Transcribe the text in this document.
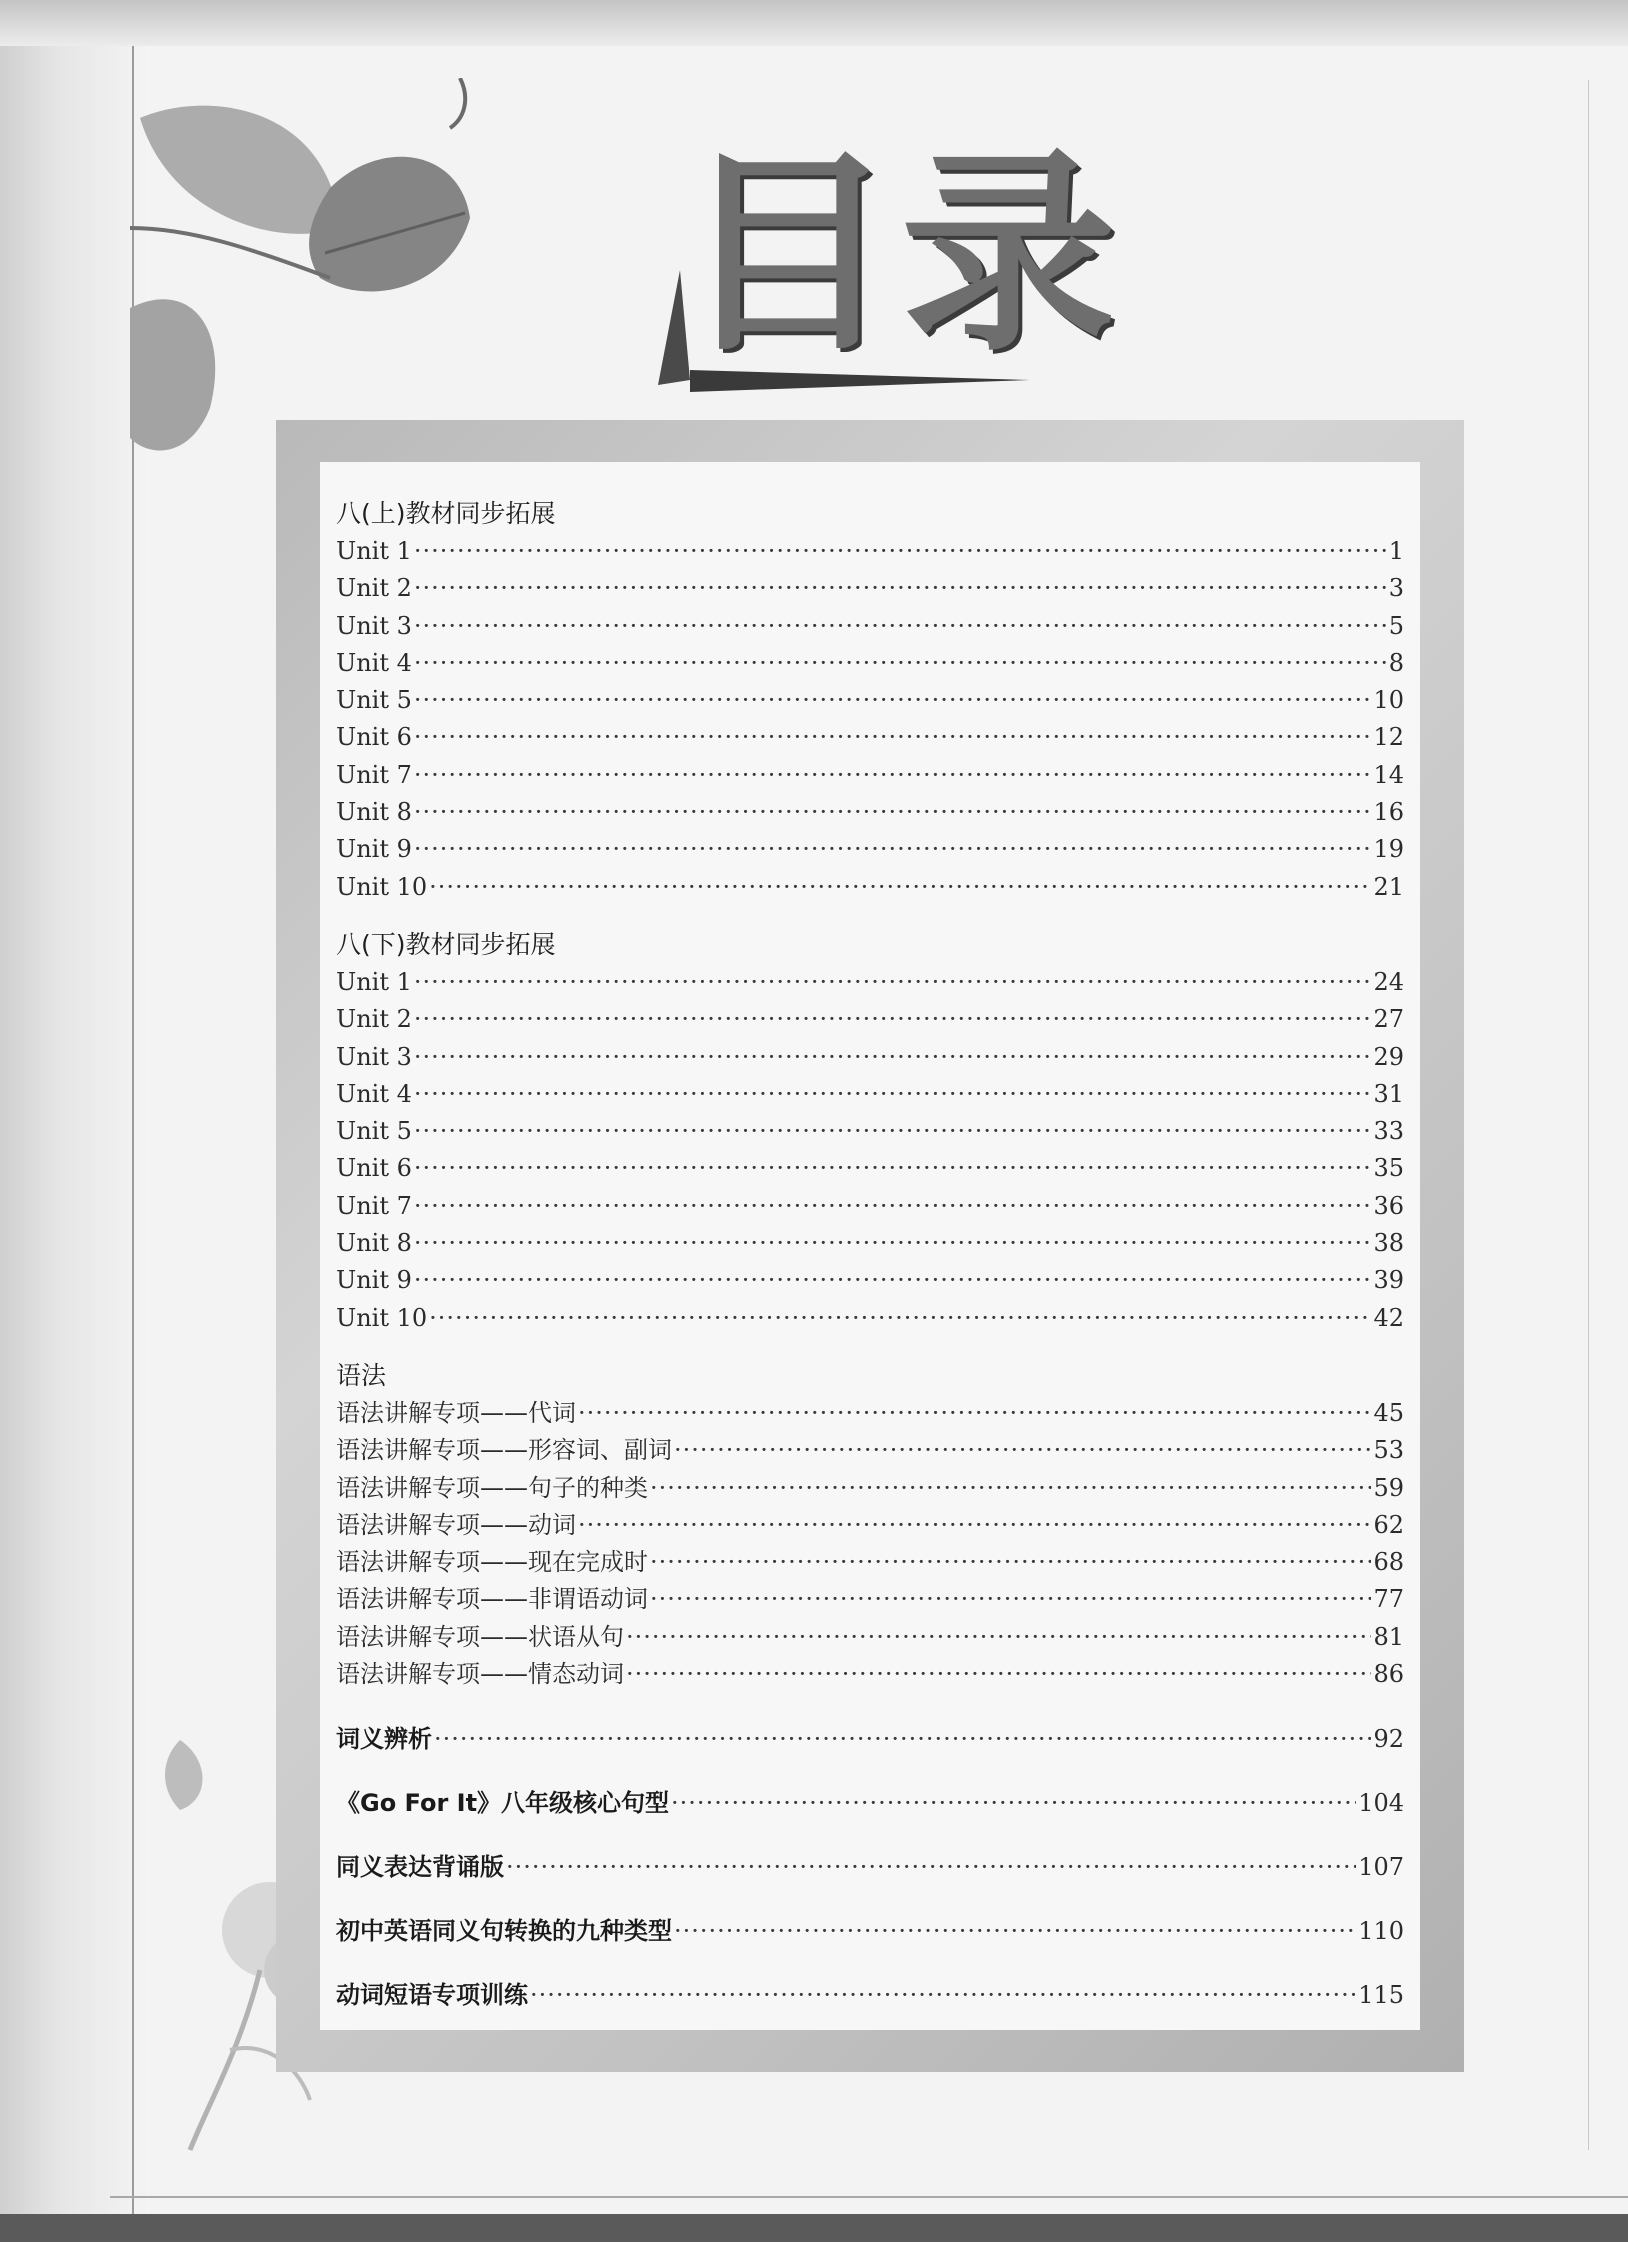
目录
八(上)教材同步拓展
Unit 1 ·····	1
Unit 2 ·····	3
Unit 3 ·····	5
Unit 4 ·····	8
Unit 5 ·····	10
Unit 6 ·····	12
Unit 7 ·····	14
Unit 8 ·····	16
Unit 9 ·····	19
Unit 10 ·····	21
八(下)教材同步拓展
Unit 1 ·····	24
Unit 2 ·····	27
Unit 3 ·····	29
Unit 4 ·····	31
Unit 5 ·····	33
Unit 6 ·····	35
Unit 7 ·····	36
Unit 8 ·····	38
Unit 9 ·····	39
Unit 10 ·····	42
语法
语法讲解专项——代词 ·····	45
语法讲解专项——形容词、副词 ·····	53
语法讲解专项——句子的种类 ·····	59
语法讲解专项——动词 ·····	62
语法讲解专项——现在完成时 ·····	68
语法讲解专项——非谓语动词 ·····	77
语法讲解专项——状语从句 ·····	81
语法讲解专项——情态动词 ·····	86
词义辨析 ·····	92
《Go For It》八年级核心句型 ·····	104
同义表达背诵版 ·····	107
初中英语同义句转换的九种类型 ·····	110
动词短语专项训练 ·····	115
